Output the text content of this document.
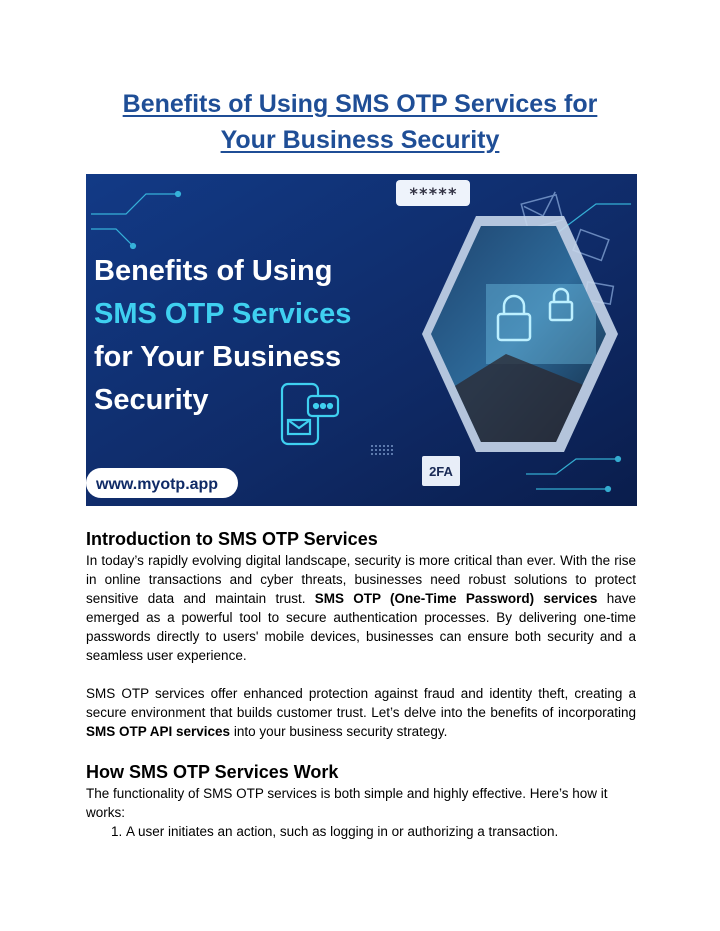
Benefits of Using SMS OTP Services for
Your Business Security
*****
2FA
Benefits of Using
SMS OTP Services
for Your Business
Security
www.myotp.app
Introduction to SMS OTP Services

In today’s rapidly evolving digital landscape, security is more critical than ever. With the rise in online transactions and cyber threats, businesses need robust solutions to protect sensitive data and maintain trust. SMS OTP (One-Time Password) services have emerged as a powerful tool to secure authentication processes. By delivering one-time passwords directly to users' mobile devices, businesses can ensure both security and a seamless user experience.

SMS OTP services offer enhanced protection against fraud and identity theft, creating a secure environment that builds customer trust. Let’s delve into the benefits of incorporating SMS OTP API services into your business security strategy.

How SMS OTP Services Work

The functionality of SMS OTP services is both simple and highly effective. Here’s how it works:

1. A user initiates an action, such as logging in or authorizing a transaction.
